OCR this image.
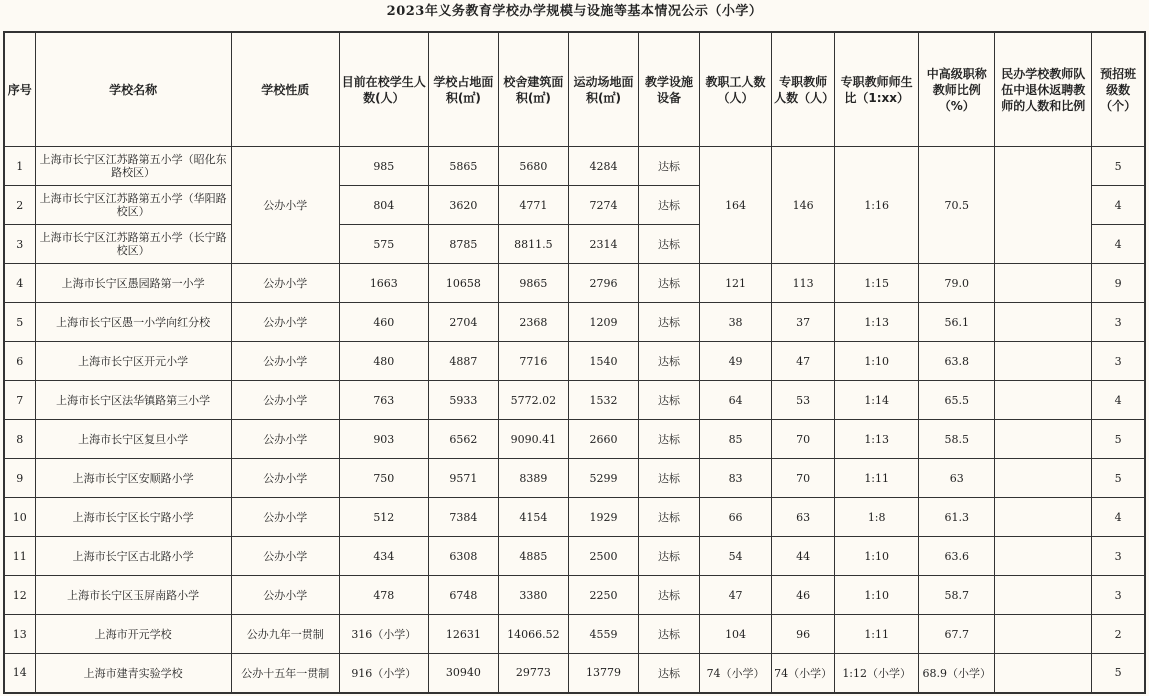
2023年义务教育学校办学规模与设施等基本情况公示（小学）
序号	学校名称	学校性质	目前在校学生人数(人）	学校占地面积(㎡)	校舍建筑面积(㎡)	运动场地面积(㎡)	教学设施设备	教职工人数（人）	专职教师人数（人）	专职教师师生比（1:xx）	中高级职称教师比例（%）	民办学校教师队伍中退休返聘教师的人数和比例	预招班级数（个）
1	上海市长宁区江苏路第五小学（昭化东路校区）	公办小学	985	5865	5680	4284	达标	164	146	1:16	70.5		5
2	上海市长宁区江苏路第五小学（华阳路校区）		804	3620	4771	7274	达标						4
3	上海市长宁区江苏路第五小学（长宁路校区）		575	8785	8811.5	2314	达标						4
4	上海市长宁区愚园路第一小学	公办小学	1663	10658	9865	2796	达标	121	113	1:15	79.0		9
5	上海市长宁区愚一小学向红分校	公办小学	460	2704	2368	1209	达标	38	37	1:13	56.1		3
6	上海市长宁区开元小学	公办小学	480	4887	7716	1540	达标	49	47	1:10	63.8		3
7	上海市长宁区法华镇路第三小学	公办小学	763	5933	5772.02	1532	达标	64	53	1:14	65.5		4
8	上海市长宁区复旦小学	公办小学	903	6562	9090.41	2660	达标	85	70	1:13	58.5		5
9	上海市长宁区安顺路小学	公办小学	750	9571	8389	5299	达标	83	70	1:11	63		5
10	上海市长宁区长宁路小学	公办小学	512	7384	4154	1929	达标	66	63	1:8	61.3		4
11	上海市长宁区古北路小学	公办小学	434	6308	4885	2500	达标	54	44	1:10	63.6		3
12	上海市长宁区玉屏南路小学	公办小学	478	6748	3380	2250	达标	47	46	1:10	58.7		3
13	上海市开元学校	公办九年一贯制	316（小学）	12631	14066.52	4559	达标	104	96	1:11	67.7		2
14	上海市建青实验学校	公办十五年一贯制	916（小学）	30940	29773	13779	达标	74（小学）	74（小学）	1:12（小学）	68.9（小学）		5
